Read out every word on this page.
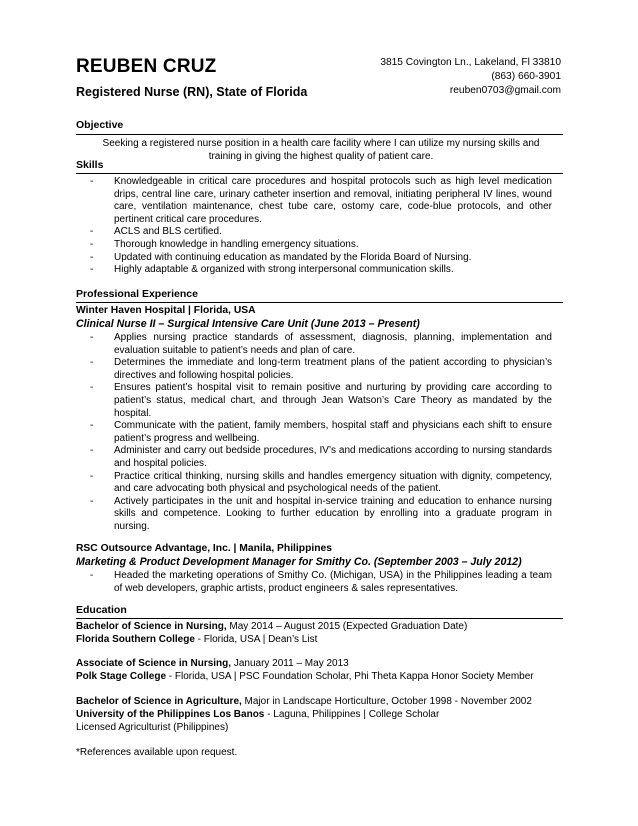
REUBEN CRUZ
Registered Nurse (RN), State of Florida
3815 Covington Ln., Lakeland, Fl 33810
(863) 660-3901
reuben0703@gmail.com
Objective
Seeking a registered nurse position in a health care facility where I can utilize my nursing skills and training in giving the highest quality of patient care.
Skills
- Knowledgeable in critical care procedures and hospital protocols such as high level medication drips, central line care, urinary catheter insertion and removal, initiating peripheral IV lines, wound care, ventilation maintenance, chest tube care, ostomy care, code-blue protocols, and other pertinent critical care procedures.
- ACLS and BLS certified.
- Thorough knowledge in handling emergency situations.
- Updated with continuing education as mandated by the Florida Board of Nursing.
- Highly adaptable & organized with strong interpersonal communication skills.
Professional Experience
Winter Haven Hospital | Florida, USA
Clinical Nurse II – Surgical Intensive Care Unit (June 2013 – Present)
- Applies nursing practice standards of assessment, diagnosis, planning, implementation and evaluation suitable to patient’s needs and plan of care.
- Determines the immediate and long-term treatment plans of the patient according to physician’s directives and following hospital policies.
- Ensures patient’s hospital visit to remain positive and nurturing by providing care according to patient’s status, medical chart, and through Jean Watson’s Care Theory as mandated by the hospital.
- Communicate with the patient, family members, hospital staff and physicians each shift to ensure patient’s progress and wellbeing.
- Administer and carry out bedside procedures, IV’s and medications according to nursing standards and hospital policies.
- Practice critical thinking, nursing skills and handles emergency situation with dignity, competency, and care advocating both physical and psychological needs of the patient.
- Actively participates in the unit and hospital in-service training and education to enhance nursing skills and competence. Looking to further education by enrolling into a graduate program in nursing.
RSC Outsource Advantage, Inc. | Manila, Philippines
Marketing & Product Development Manager for Smithy Co. (September 2003 – July 2012)
- Headed the marketing operations of Smithy Co. (Michigan, USA) in the Philippines leading a team of web developers, graphic artists, product engineers & sales representatives.
Education
Bachelor of Science in Nursing, May 2014 – August 2015 (Expected Graduation Date)
Florida Southern College - Florida, USA | Dean’s List
Associate of Science in Nursing, January 2011 – May 2013
Polk Stage College - Florida, USA | PSC Foundation Scholar, Phi Theta Kappa Honor Society Member
Bachelor of Science in Agriculture, Major in Landscape Horticulture, October 1998 - November 2002
University of the Philippines Los Banos - Laguna, Philippines | College Scholar
Licensed Agriculturist (Philippines)
*References available upon request.
